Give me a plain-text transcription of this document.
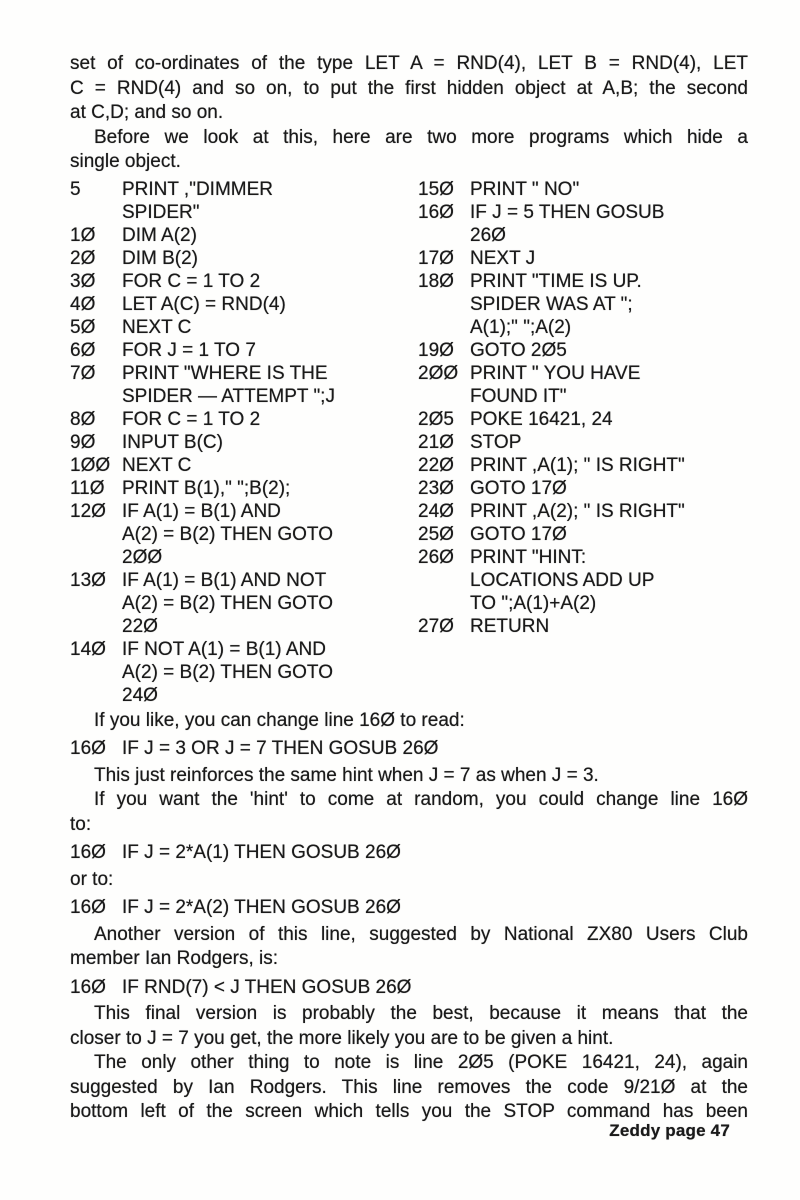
set of co-ordinates of the type LET A = RND(4), LET B = RND(4), LET
C = RND(4) and so on, to put the first hidden object at A,B; the second
at C,D; and so on.
Before we look at this, here are two more programs which hide a
single object.
5	PRINT ,"DIMMER
SPIDER"
1Ø	DIM A(2)
2Ø	DIM B(2)
3Ø	FOR C = 1 TO 2
4Ø	LET A(C) = RND(4)
5Ø	NEXT C
6Ø	FOR J = 1 TO 7
7Ø	PRINT "WHERE IS THE
SPIDER — ATTEMPT ";J
8Ø	FOR C = 1 TO 2
9Ø	INPUT B(C)
1ØØ NEXT C
11Ø PRINT B(1)," ";B(2);
12Ø IF A(1) = B(1) AND
A(2) = B(2) THEN GOTO
2ØØ
13Ø IF A(1) = B(1) AND NOT
A(2) = B(2) THEN GOTO
22Ø
14Ø IF NOT A(1) = B(1) AND
A(2) = B(2) THEN GOTO
24Ø
15Ø PRINT " NO"
16Ø IF J = 5 THEN GOSUB
26Ø
17Ø NEXT J
18Ø PRINT "TIME IS UP.
SPIDER WAS AT ";
A(1);" ";A(2)
19Ø GOTO 2Ø5
2ØØ PRINT " YOU HAVE
FOUND IT"
2Ø5 POKE 16421, 24
21Ø STOP
22Ø PRINT ,A(1); " IS RIGHT"
23Ø GOTO 17Ø
24Ø PRINT ,A(2); " IS RIGHT"
25Ø GOTO 17Ø
26Ø PRINT "HINT:
LOCATIONS ADD UP
TO ";A(1)+A(2)
27Ø RETURN
If you like, you can change line 16Ø to read:
16Ø IF J = 3 OR J = 7 THEN GOSUB 26Ø
This just reinforces the same hint when J = 7 as when J = 3.
If you want the 'hint' to come at random, you could change line 16Ø
to:
16Ø IF J = 2*A(1) THEN GOSUB 26Ø
or to:
16Ø IF J = 2*A(2) THEN GOSUB 26Ø
Another version of this line, suggested by National ZX80 Users Club
member Ian Rodgers, is:
16Ø IF RND(7) < J THEN GOSUB 26Ø
This final version is probably the best, because it means that the
closer to J = 7 you get, the more likely you are to be given a hint.
The only other thing to note is line 2Ø5 (POKE 16421, 24), again
suggested by Ian Rodgers. This line removes the code 9/21Ø at the
bottom left of the screen which tells you the STOP command has been
Zeddy page 47
